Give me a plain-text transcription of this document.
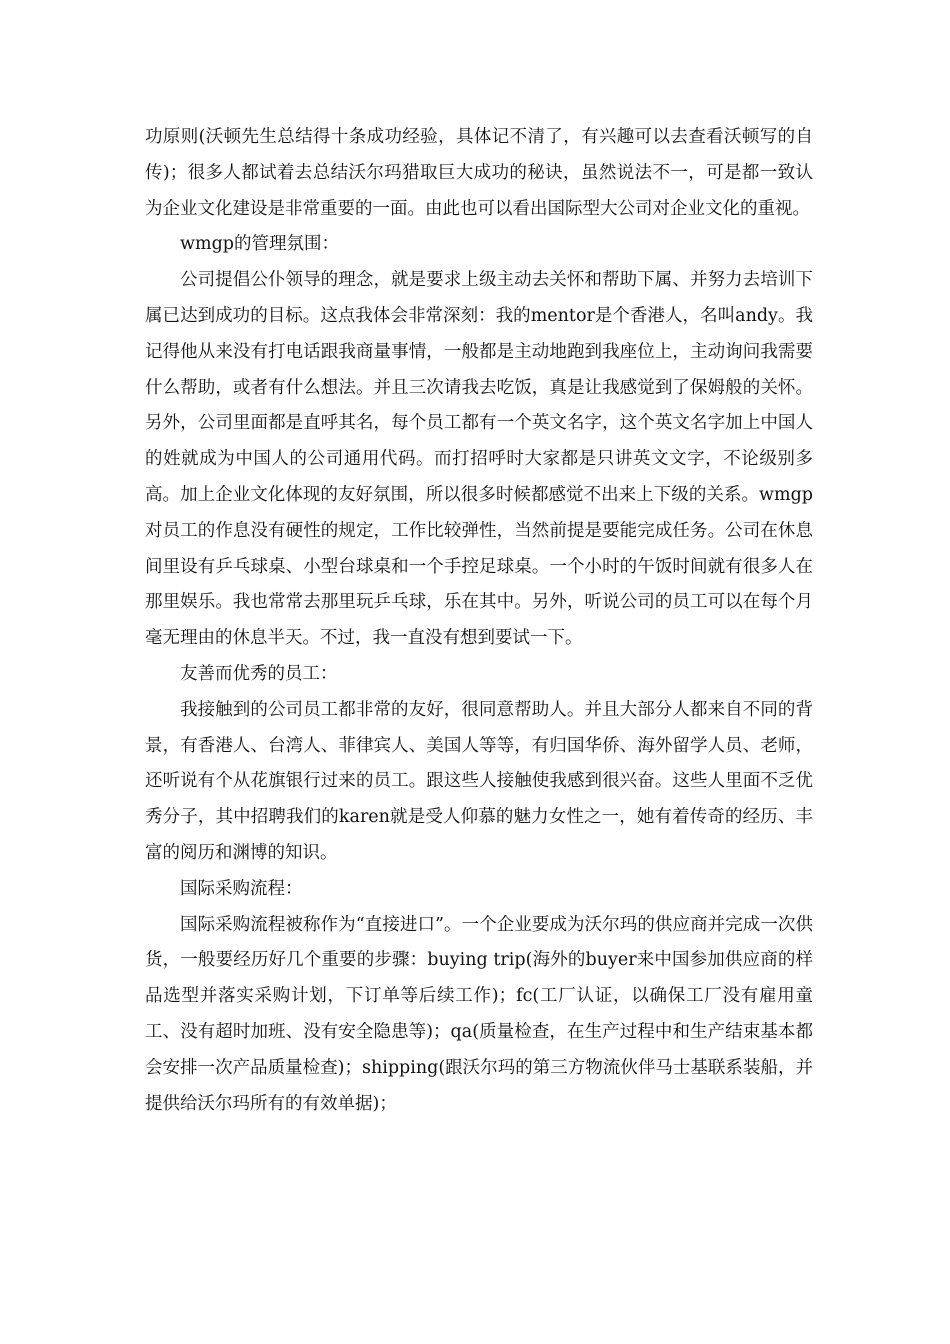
功原则(沃顿先生总结得十条成功经验，具体记不清了，有兴趣可以去查看沃顿写的自传)；很多人都试着去总结沃尔玛猎取巨大成功的秘诀，虽然说法不一，可是都一致认为企业文化建设是非常重要的一面。由此也可以看出国际型大公司对企业文化的重视。

wmgp的管理氛围：

公司提倡公仆领导的理念，就是要求上级主动去关怀和帮助下属、并努力去培训下属已达到成功的目标。这点我体会非常深刻：我的mentor是个香港人，名叫andy。我记得他从来没有打电话跟我商量事情，一般都是主动地跑到我座位上，主动询问我需要什么帮助，或者有什么想法。并且三次请我去吃饭，真是让我感觉到了保姆般的关怀。另外，公司里面都是直呼其名，每个员工都有一个英文名字，这个英文名字加上中国人的姓就成为中国人的公司通用代码。而打招呼时大家都是只讲英文文字，不论级别多高。加上企业文化体现的友好氛围，所以很多时候都感觉不出来上下级的关系。wmgp对员工的作息没有硬性的规定，工作比较弹性，当然前提是要能完成任务。公司在休息间里设有乒乓球桌、小型台球桌和一个手控足球桌。一个小时的午饭时间就有很多人在那里娱乐。我也常常去那里玩乒乓球，乐在其中。另外，听说公司的员工可以在每个月毫无理由的休息半天。不过，我一直没有想到要试一下。

友善而优秀的员工：

我接触到的公司员工都非常的友好，很同意帮助人。并且大部分人都来自不同的背景，有香港人、台湾人、菲律宾人、美国人等等，有归国华侨、海外留学人员、老师，还听说有个从花旗银行过来的员工。跟这些人接触使我感到很兴奋。这些人里面不乏优秀分子，其中招聘我们的karen就是受人仰慕的魅力女性之一，她有着传奇的经历、丰富的阅历和渊博的知识。

国际采购流程：

国际采购流程被称作为“直接进口”。一个企业要成为沃尔玛的供应商并完成一次供货，一般要经历好几个重要的步骤：buying trip(海外的buyer来中国参加供应商的样品选型并落实采购计划，下订单等后续工作)；fc(工厂认证，以确保工厂没有雇用童工、没有超时加班、没有安全隐患等)；qa(质量检查，在生产过程中和生产结束基本都会安排一次产品质量检查)；shipping(跟沃尔玛的第三方物流伙伴马士基联系装船，并提供给沃尔玛所有的有效单据)；
